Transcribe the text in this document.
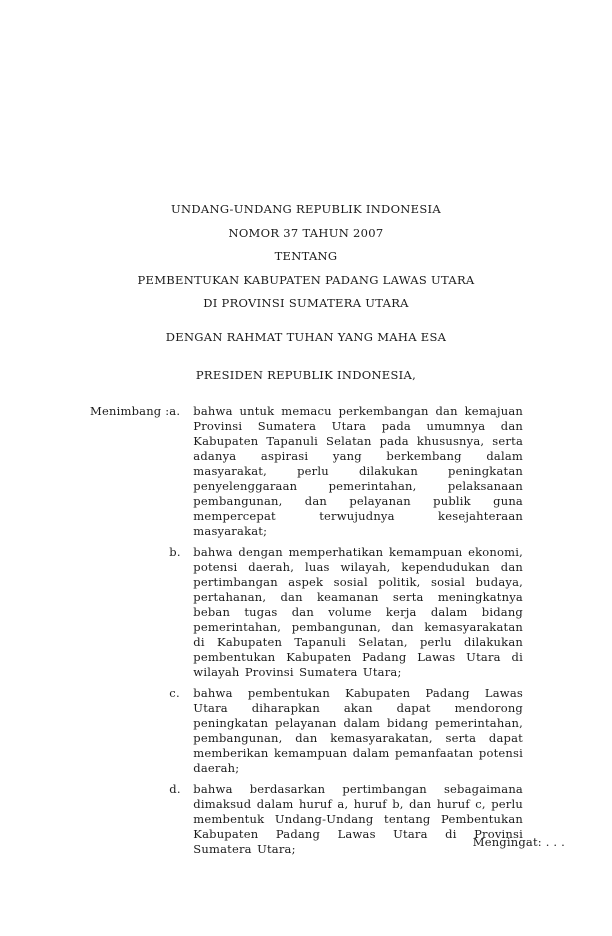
UNDANG-UNDANG REPUBLIK INDONESIA
NOMOR 37 TAHUN 2007
TENTANG
PEMBENTUKAN KABUPATEN PADANG LAWAS UTARA
DI PROVINSI SUMATERA UTARA
DENGAN RAHMAT TUHAN YANG MAHA ESA
PRESIDEN REPUBLIK INDONESIA,
Menimbang : a.	bahwa untuk memacu perkembangan dan kemajuan Provinsi Sumatera Utara pada umumnya dan Kabupaten Tapanuli Selatan pada khususnya, serta adanya aspirasi yang berkembang dalam masyarakat, perlu dilakukan peningkatan penyelenggaraan pemerintahan, pelaksanaan pembangunan, dan pelayanan publik guna mempercepat terwujudnya kesejahteraan masyarakat;
b.	bahwa dengan memperhatikan kemampuan ekonomi, potensi daerah, luas wilayah, kependudukan dan pertimbangan aspek sosial politik, sosial budaya, pertahanan, dan keamanan serta meningkatnya beban tugas dan volume kerja dalam bidang pemerintahan, pembangunan, dan kemasyarakatan di Kabupaten Tapanuli Selatan, perlu dilakukan pembentukan Kabupaten Padang Lawas Utara di wilayah Provinsi Sumatera Utara;
c.	bahwa pembentukan Kabupaten Padang Lawas Utara diharapkan akan dapat mendorong peningkatan pelayanan dalam bidang pemerintahan, pembangunan, dan kemasyarakatan, serta dapat memberikan kemampuan dalam pemanfaatan potensi daerah;
d.	bahwa berdasarkan pertimbangan sebagaimana dimaksud dalam huruf a, huruf b, dan huruf c, perlu membentuk Undang-Undang tentang Pembentukan Kabupaten Padang Lawas Utara di Provinsi Sumatera Utara;	Mengingat: . . .
